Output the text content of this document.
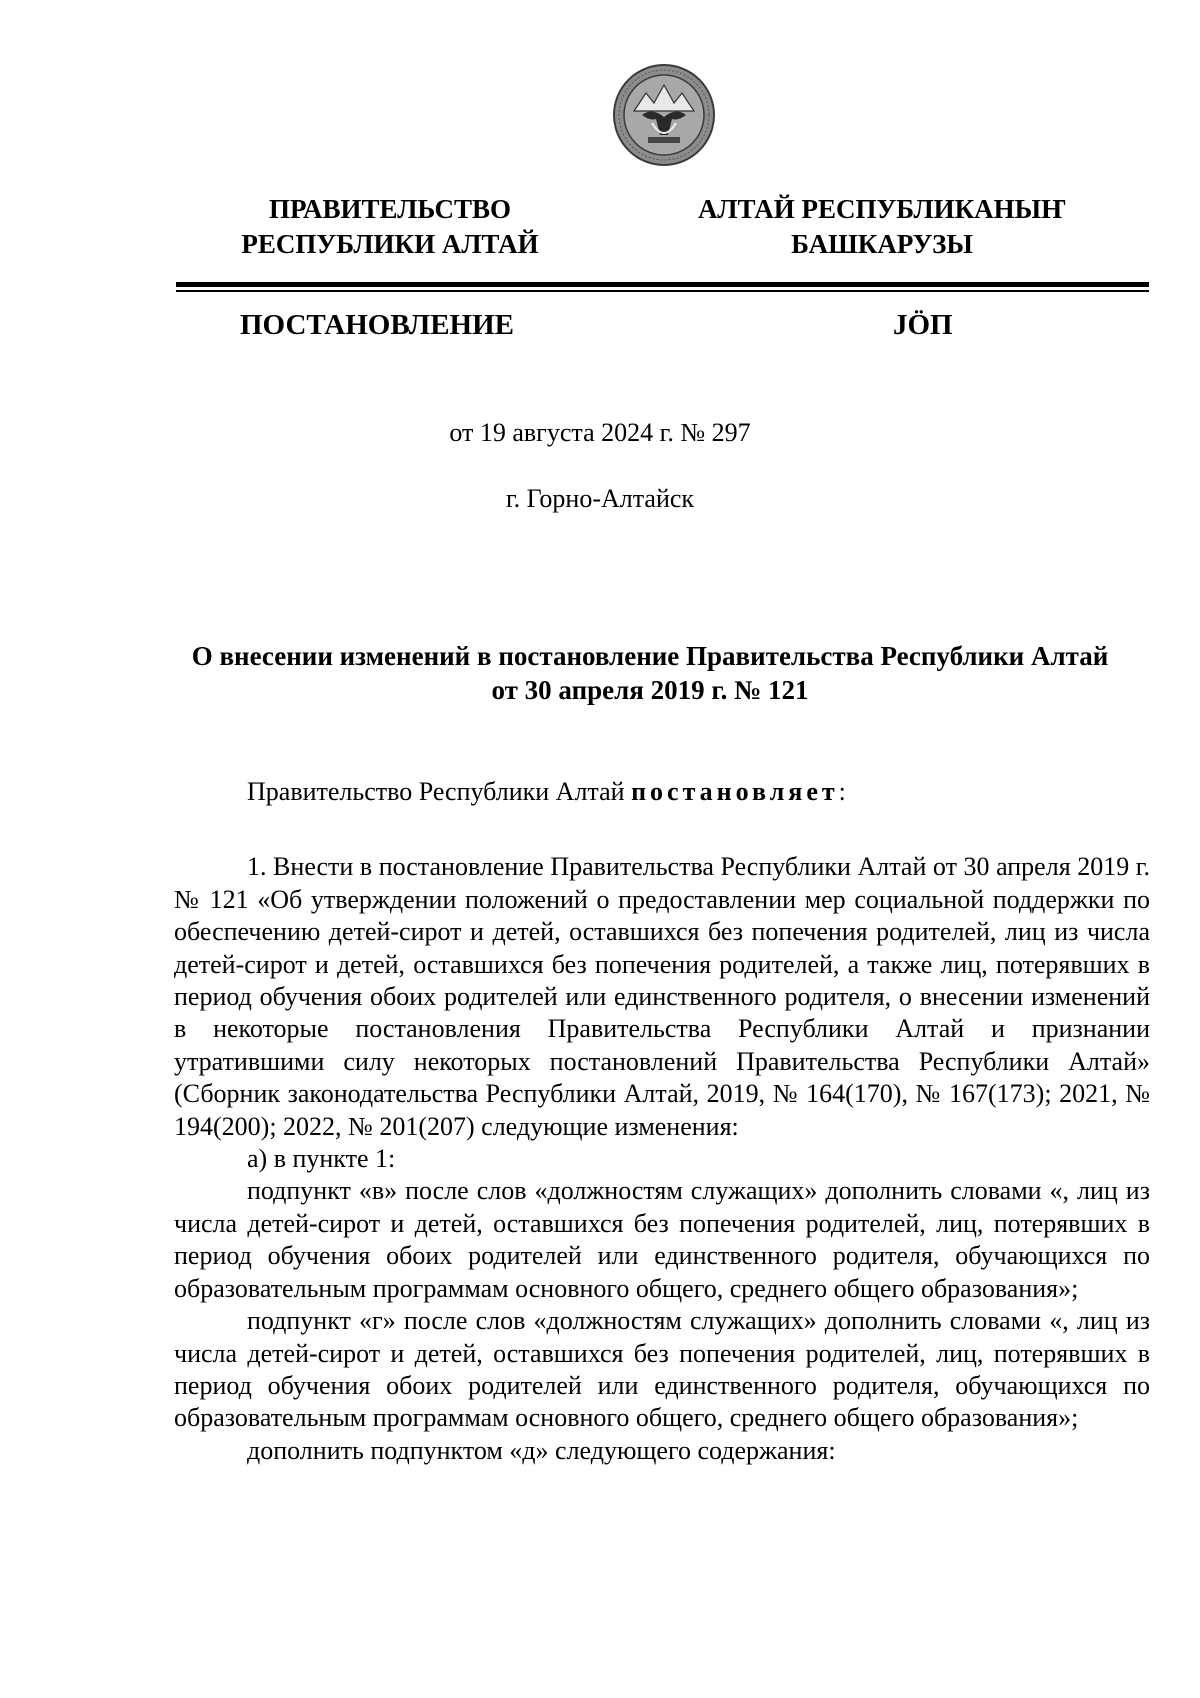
ПРАВИТЕЛЬСТВО
РЕСПУБЛИКИ АЛТАЙ
АЛТАЙ РЕСПУБЛИКАНЫҤ
БАШКАРУЗЫ
ПОСТАНОВЛЕНИЕ	JÖП
от 19 августа 2024 г. № 297
г. Горно-Алтайск
О внесении изменений в постановление Правительства Республики Алтай
от 30 апреля 2019 г. № 121

Правительство Республики Алтай постановляет:

1. Внести в постановление Правительства Республики Алтай от 30 апреля 2019 г. № 121 «Об утверждении положений о предоставлении мер социальной поддержки по обеспечению детей-сирот и детей, оставшихся без попечения родителей, лиц из числа детей-сирот и детей, оставшихся без попечения родителей, а также лиц, потерявших в период обучения обоих родителей или единственного родителя, о внесении изменений в некоторые постановления Правительства Республики Алтай и признании утратившими силу некоторых постановлений Правительства Республики Алтай» (Сборник законодательства Республики Алтай, 2019, № 164(170), № 167(173); 2021, № 194(200); 2022, № 201(207) следующие изменения:

а) в пункте 1:

подпункт «в» после слов «должностям служащих» дополнить словами «, лиц из числа детей-сирот и детей, оставшихся без попечения родителей, лиц, потерявших в период обучения обоих родителей или единственного родителя, обучающихся по образовательным программам основного общего, среднего общего образования»;

подпункт «г» после слов «должностям служащих» дополнить словами «, лиц из числа детей-сирот и детей, оставшихся без попечения родителей, лиц, потерявших в период обучения обоих родителей или единственного родителя, обучающихся по образовательным программам основного общего, среднего общего образования»;

дополнить подпунктом «д» следующего содержания:
